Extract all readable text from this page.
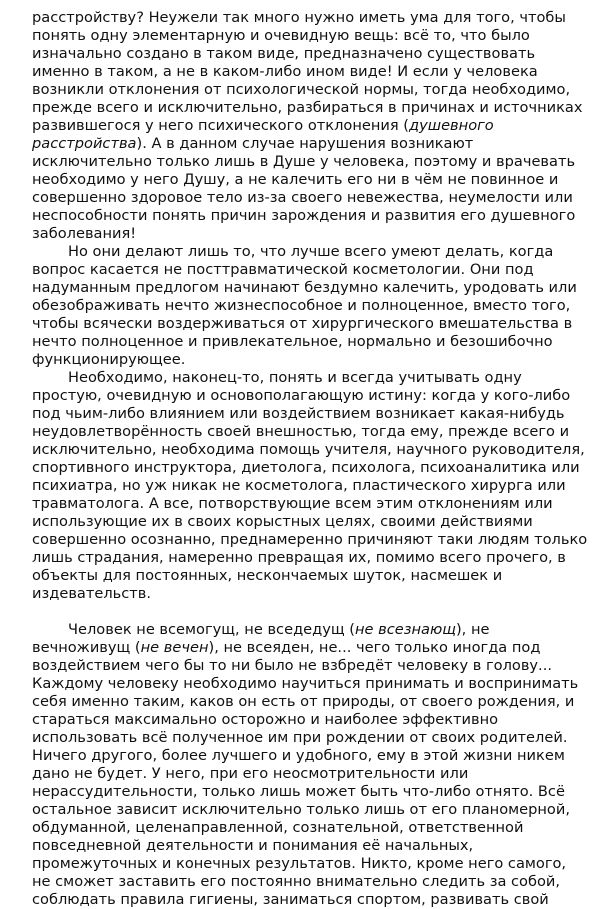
расстройству? Неужели так много нужно иметь ума для того, чтобы понять одну элементарную и очевидную вещь: всё то, что было изначально создано в таком виде, предназначено существовать именно в таком, а не в каком-либо ином виде! И если у человека возникли отклонения от психологической нормы, тогда необходимо, прежде всего и исключительно, разбираться в причинах и источниках развившегося у него психического отклонения (душевного расстройства). А в данном случае нарушения возникают исключительно только лишь в Душе у человека, поэтому и врачевать необходимо у него Душу, а не калечить его ни в чём не повинное и совершенно здоровое тело из-за своего невежества, неумелости или неспособности понять причин зарождения и развития его душевного заболевания!

Но они делают лишь то, что лучше всего умеют делать, когда вопрос касается не посттравматической косметологии. Они под надуманным предлогом начинают бездумно калечить, уродовать или обезображивать нечто жизнеспособное и полноценное, вместо того, чтобы всячески воздерживаться от хирургического вмешательства в нечто полноценное и привлекательное, нормально и безошибочно функционирующее.

Необходимо, наконец-то, понять и всегда учитывать одну простую, очевидную и основополагающую истину: когда у кого-либо под чьим-либо влиянием или воздействием возникает какая-нибудь неудовлетворённость своей внешностью, тогда ему, прежде всего и исключительно, необходима помощь учителя, научного руководителя, спортивного инструктора, диетолога, психолога, психоаналитика или психиатра, но уж никак не косметолога, пластического хирурга или травматолога. А все, потворствующие всем этим отклонениям или использующие их в своих корыстных целях, своими действиями совершенно осознанно, преднамеренно причиняют таки людям только лишь страдания, намеренно превращая их, помимо всего прочего, в объекты для постоянных, нескончаемых шуток, насмешек и издевательств.

Человек не всемогущ, не вседедущ (не всезнающ), не вечноживущ (не вечен), не всеяден, не... чего только иногда под воздействием чего бы то ни было не взбредёт человеку в голову... Каждому человеку необходимо научиться принимать и воспринимать себя именно таким, каков он есть от природы, от своего рождения, и стараться максимально осторожно и наиболее эффективно использовать всё полученное им при рождении от своих родителей. Ничего другого, более лучшего и удобного, ему в этой жизни никем дано не будет. У него, при его неосмотрительности или нерассудительности, только лишь может быть что-либо отнято. Всё остальное зависит исключительно только лишь от его планомерной, обдуманной, целенаправленной, сознательной, ответственной повседневной деятельности и понимания её начальных, промежуточных и конечных результатов. Никто, кроме него самого, не сможет заставить его постоянно внимательно следить за собой, соблюдать правила гигиены, заниматься спортом, развивать свой
